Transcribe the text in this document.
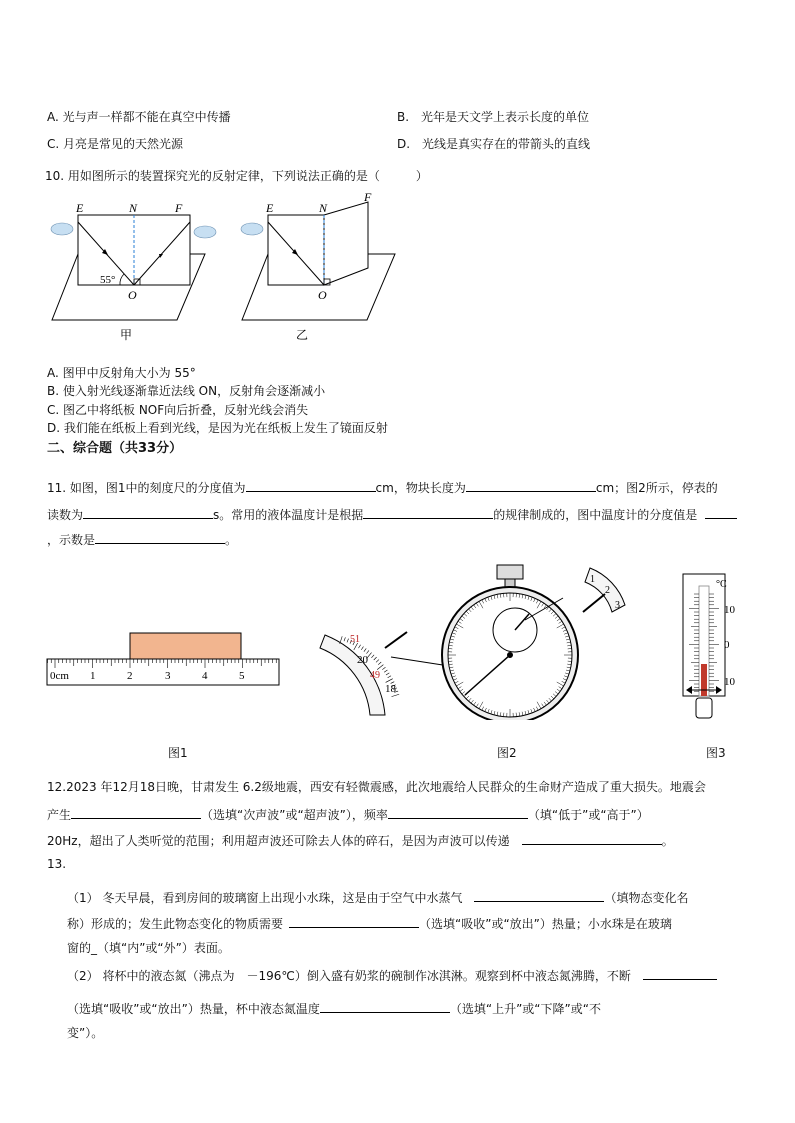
A. 光与声一样都不能在真空中传播	B.　光年是天文学上表示长度的单位
C. 月亮是常见的天然光源	D.　光线是真实存在的带箭头的直线
10. 用如图所示的装置探究光的反射定律，下列说法正确的是（　　　）
E	N	F
55°
O
甲
E	N
F
O
乙
A. 图甲中反射角大小为 55°
B. 使入射光线逐渐靠近法线 ON，反射角会逐渐减小
C. 图乙中将纸板 NOF向后折叠，反射光线会消失
D. 我们能在纸板上看到光线，是因为光在纸板上发生了镜面反射
二、综合题（共33分）
11. 如图，图1中的刻度尺的分度值为	cm，物块长度为	cm；图2所示，停表的
读数为	s。常用的液体温度计是根据	的规律制成的，图中温度计的分度值是
，示数是	。
0cm 1	2	3	4	5
51
20
49
18
1
2
3
°C
10
0
10
图1	图2	图3
12.2023 年12月18日晚，甘肃发生 6.2级地震，西安有轻微震感，此次地震给人民群众的生命财产造成了重大损失。地震会
产生	（选填“次声波”或“超声波”），频率	（填“低于”或“高于”）
20Hz，超出了人类听觉的范围；利用超声波还可除去人体的碎石，是因为声波可以传递	。
13.
（1） 冬天早晨，看到房间的玻璃窗上出现小水珠，这是由于空气中水蒸气	（填物态变化名
称）形成的；发生此物态变化的物质需要	（选填“吸收”或“放出”）热量；小水珠是在玻璃
窗的_（填“内”或“外”）表面。
（2） 将杯中的液态氮（沸点为　－196℃）倒入盛有奶浆的碗制作冰淇淋。观察到杯中液态氮沸腾，不断
（选填“吸收”或“放出”）热量，杯中液态氮温度	（选填“上升”或“下降”或“不
变”）。
